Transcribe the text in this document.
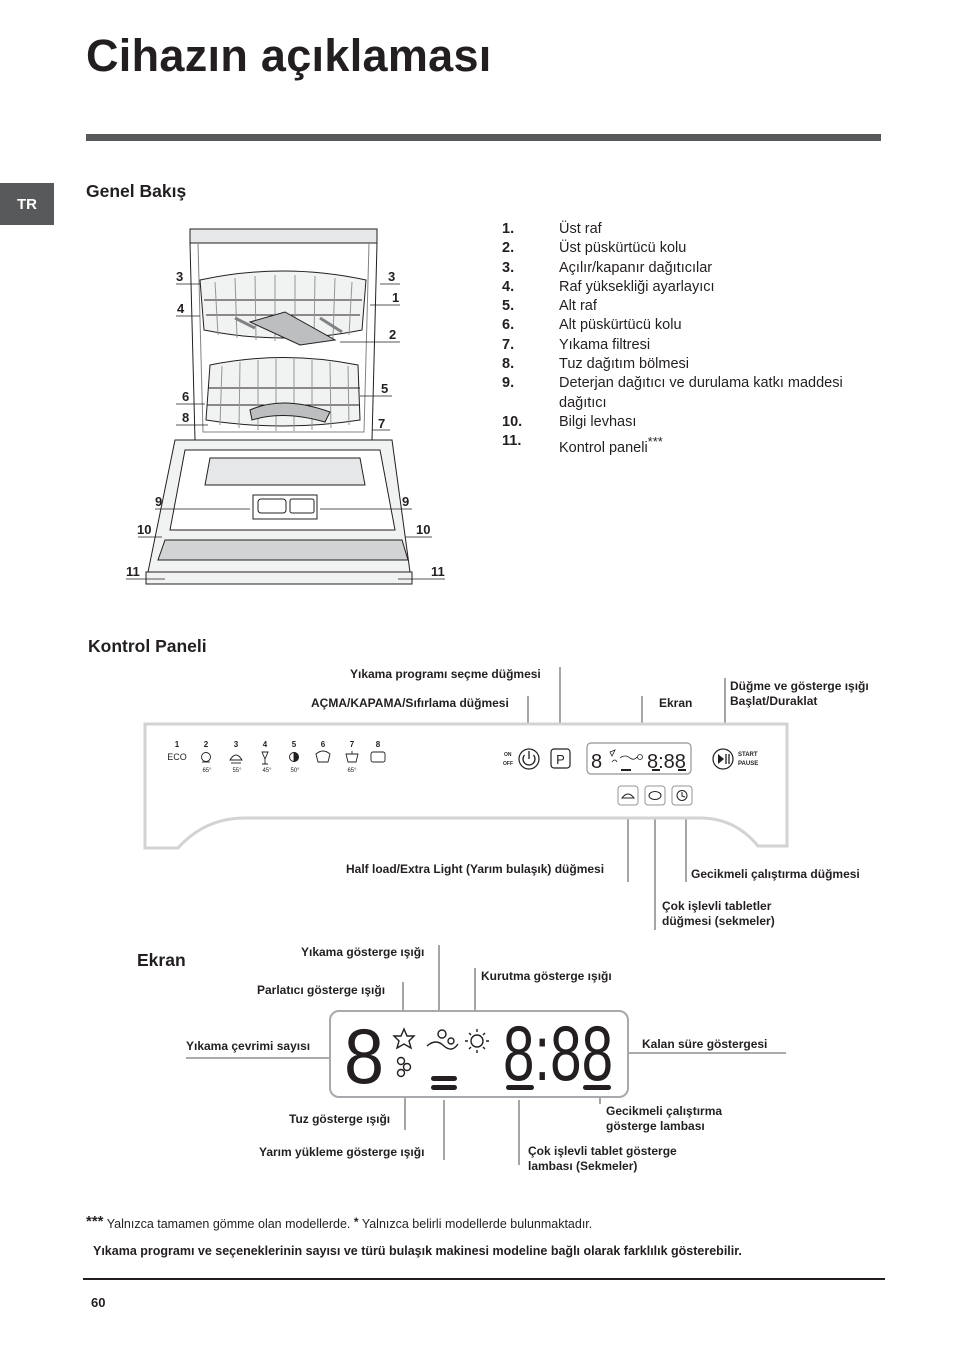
Cihazın açıklaması
TR
Genel Bakış
3
4
6
8
9
10
11
3
1
2
5
7
9
10
11
1.	Üst raf
2.	Üst püskürtücü kolu
3.	Açılır/kapanır dağıtıcılar
4.	Raf yüksekliği ayarlayıcı
5.	Alt raf
6.	Alt püskürtücü kolu
7.	Yıkama filtresi
8.	Tuz dağıtım bölmesi
9.	Deterjan dağıtıcı ve durulama katkı maddesi dağıtıcı
10.	Bilgi levhası
11.	Kontrol paneli***
Kontrol Paneli
Yıkama programı seçme düğmesi
AÇMA/KAPAMA/Sıfırlama düğmesi	Ekran
Düğme ve gösterge ışığı Başlat/Duraklat
Half load/Extra Light (Yarım bulaşık) düğmesi	Gecikmeli çalıştırma düğmesi
Çok işlevli tabletler düğmesi (sekmeler)
1	2	3	4	5	6	7	8
ECO
65°	55°	45°	50°	65°
ON
OFF	P 8 8:88	START
PAUSE
Ekran	Yıkama gösterge ışığı
Kurutma gösterge ışığı
Parlatıcı gösterge ışığı
Yıkama çevrimi sayısı	Kalan süre göstergesi
Tuz gösterge ışığı
Gecikmeli çalıştırma gösterge lambası
Yarım yükleme gösterge ışığı	Çok işlevli tablet gösterge lambası (Sekmeler)
8 8:88
*** Yalnızca tamamen gömme olan modellerde. * Yalnızca belirli modellerde bulunmaktadır.
Yıkama programı ve seçeneklerinin sayısı ve türü bulaşık makinesi modeline bağlı olarak farklılık gösterebilir.
60
